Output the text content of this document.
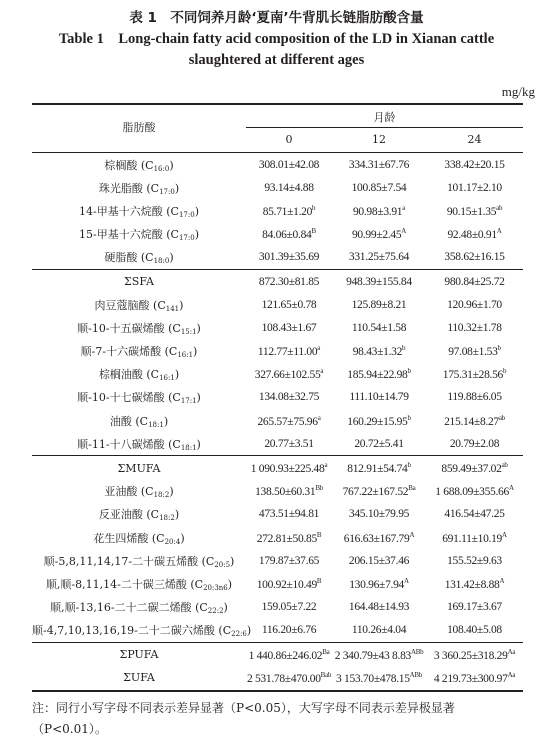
表 1　不同饲养月龄‘夏南’牛背肌长链脂肪酸含量
Table 1　Long-chain fatty acid composition of the LD in Xianan cattle slaughtered at different ages
mg/kg
脂肪酸
月龄
0	12	24
棕榈酸 $(C_{16:0})$	308.01±42.08	334.31±67.76	338.42±20.15
珠光脂酸 $(C_{17:0})$	93.14±4.88	100.85±7.54	101.17±2.10
14-甲基十六烷酸 $(C_{17:0})$	85.71±1.20$^b$	90.98±3.91$^a$	90.15±1.35$^{ab}$
15-甲基十六烷酸 $(C_{17:0})$	$84.06\pm 0.84^B$	$90.99\pm 2.45^A$	$92.48\pm 0.91^A$
硬脂酸 $(C_{18:0})$	301.39±35.69	331.25±75.64	358.62±16.15
ΣSFA	872.30±81.85	948.39±155.84	980.84±25.72
肉豆蔻脑酸 $(C_{141})$	121.65±0.78	125.89±8.21	120.96±1.70
顺-10-十五碳烯酸 $(C_{15:1})$	108.43±1.67	110.54±1.58	110.32±1.78
顺-7-十六碳烯酸 $(C_{16:1})$	112.77±11.00$^a$	98.43±1.32$^b$	97.08±1.53$^b$
棕榈油酸 $(C_{16:1})$	327.66±102.55$^a$	185.94±22.98$^b$	175.31±28.56$^b$
顺-10-十七碳烯酸 $(C_{17:1})$	134.08±32.75	111.10±14.79	119.88±6.05
油酸 $(C_{18:1})$	265.57±75.96$^a$	160.29±15.95$^b$	215.14±8.27$^{ab}$
顺-11-十八碳烯酸 $(C_{18:1})$	20.77±3.51	20.72±5.41	20.79±2.08
ΣMUFA	1 090.93±225.48$^a$	812.91±54.74$^b$	859.49±37.02$^{ab}$
亚油酸 $(C_{18:2})$	$138.50\pm 60.31^{Bb}$	$767.22\pm 167.52^{Ba}$	1 $688.09\pm 355.66^A$
反亚油酸 $(C_{18:2})$	473.51±94.81	345.10±79.95	416.54±47.25
花生四烯酸 $(C_{20:4})$	$272.81\pm 50.85^B$	$616.63\pm 167.79^A$	$691.11\pm 10.19^A$
顺-5,8,11,14,17-二十碳五烯酸 $(C_{20:5})$	179.87±37.65	206.15±37.46	155.52±9.63
顺,顺-8,11,14-二十碳三烯酸 $(C_{20:3n6})$	$100.92\pm 10.49^B$	$130.96\pm 7.94^A$	$131.42\pm 8.88^A$
顺,顺-13,16-二十二碳二烯酸 $(C_{22:2})$	159.05±7.22	164.48±14.93	169.17±3.67
顺-4,7,10,13,16,19-二十二碳六烯酸 $(C_{22:6})$	116.20±6.76	110.26±4.04	108.40±5.08
ΣPUFA	1 $440.86\pm 246.02^{Ba}$	2 340.79±43 $8.83^{ABb}$	3 $360.25\pm 318.29^{Aa}$
ΣUFA	2 $531.78\pm 470.00^{Bab}$	3 $153.70\pm 478.15^{ABb}$	4 $219.73\pm 300.97^{Aa}$
注：同行小写字母不同表示差异显著（P<0.05），大写字母不同表示差异极显著（P<0.01）。
